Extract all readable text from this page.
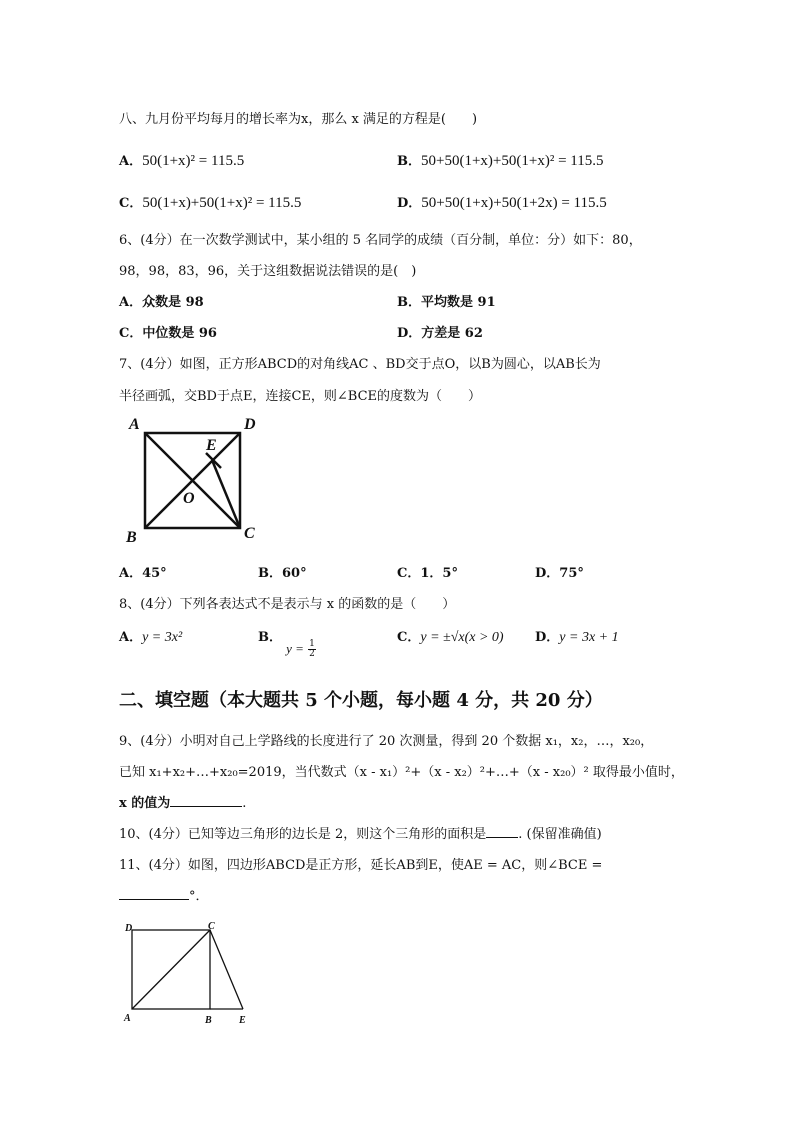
八、九月份平均每月的增长率为x，那么 x 满足的方程是(　　)
A．50(1+x)² = 115.5	B．50+50(1+x)+50(1+x)² = 115.5
C．50(1+x)+50(1+x)² = 115.5	D．50+50(1+x)+50(1+2x) = 115.5
6、(4分）在一次数学测试中，某小组的 5 名同学的成绩（百分制，单位：分）如下：80，
98，98，83，96，关于这组数据说法错误的是(　)
A．众数是 98	B．平均数是 91
C．中位数是 96	D．方差是 62
7、(4分）如图，正方形ABCD的对角线AC 、BD交于点O，以B为圆心，以AB长为
半径画弧，交BD于点E，连接CE，则∠BCE的度数为（　　）
A	D
E
O
B	C
A．45°	B．60°	C．1．5°	D．75°
8、(4分）下列各表达式不是表示与 x 的函数的是（　　）
A．y = 3x²	B． $y = \frac{1}{2}$
C．y = ±√x(x > 0) D．y = 3x + 1
二、填空题（本大题共 5 个小题，每小题 4 分，共 20 分）
9、(4分）小明对自己上学路线的长度进行了 20 次测量，得到 20 个数据 x₁，x₂，…，x₂₀，
已知 x₁+x₂+…+x₂₀=2019，当代数式（x - x₁）²+（x - x₂）²+…+（x - x₂₀）² 取得最小值时，
x 的值为	.
10、(4分）已知等边三角形的边长是 2，则这个三角形的面积是 . (保留准确值)
11、(4分）如图，四边形ABCD是正方形，延长AB到E，使AE = AC，则∠BCE =
°．
D	C
A	B	E
